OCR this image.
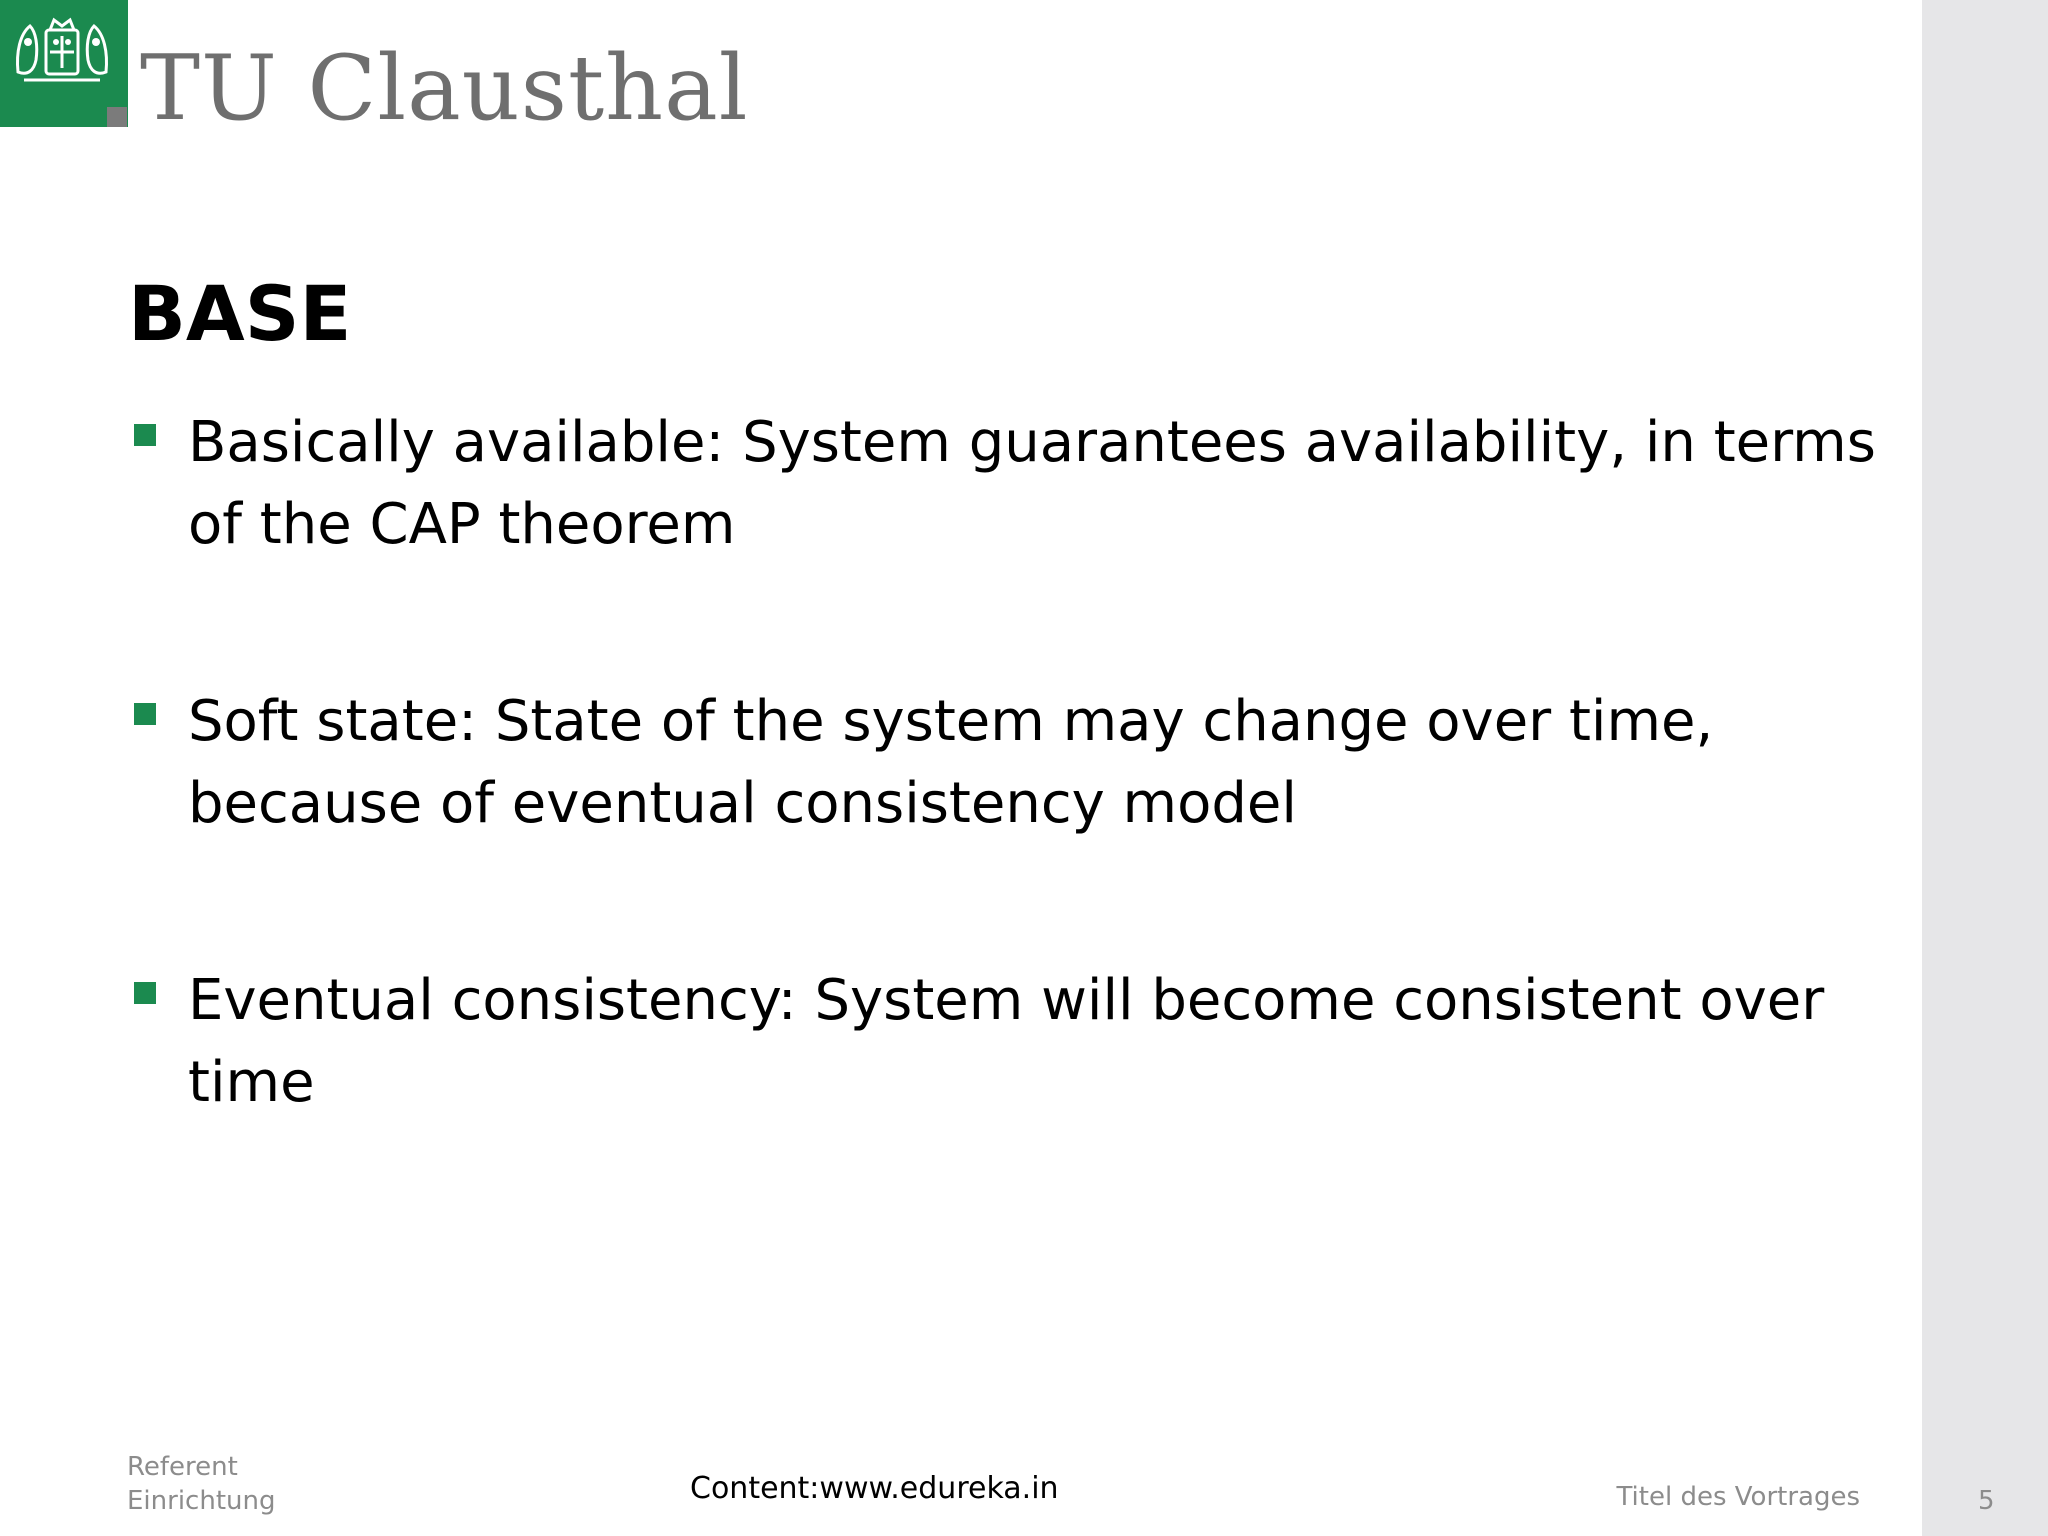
TU Clausthal
BASE
Basically available: System guarantees availability, in terms of the CAP theorem
Soft state: State of the system may change over time, because of eventual consistency model
Eventual consistency: System will become consistent over time
Referent
Einrichtung	Content:www.edureka.in	Titel des Vortrages	5
